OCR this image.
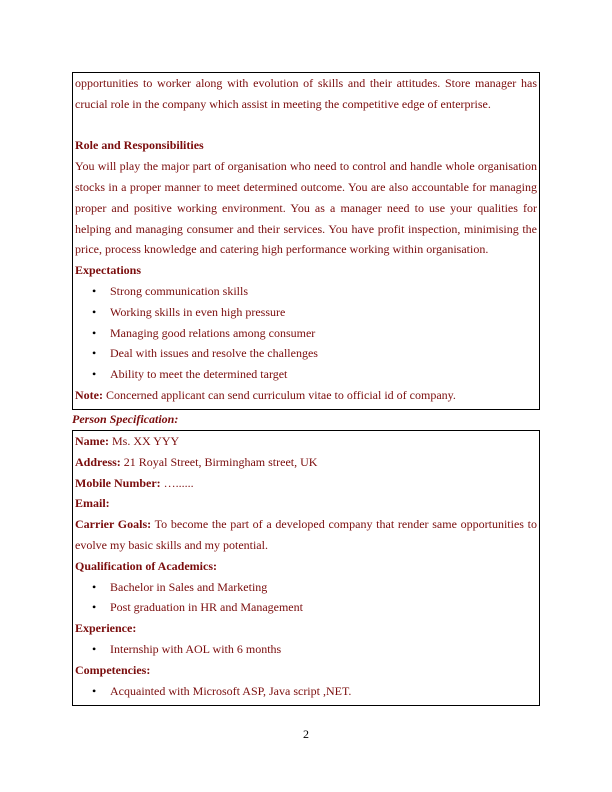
opportunities to worker along with evolution of skills and their attitudes. Store manager has crucial role in the company which assist in meeting the competitive edge of enterprise.

Role and Responsibilities

You will play the major part of organisation who need to control and handle whole organisation stocks in a proper manner to meet determined outcome. You are also accountable for managing proper and positive working environment. You as a manager need to use your qualities for helping and managing consumer and their services. You have profit inspection, minimising the price, process knowledge and catering high performance working within organisation.

Expectations

• Strong communication skills
• Working skills in even high pressure
• Managing good relations among consumer
• Deal with issues and resolve the challenges
• Ability to meet the determined target

Note: Concerned applicant can send curriculum vitae to official id of company.

Person Specification:

Name: Ms. XX YYY

Address: 21 Royal Street, Birmingham street, UK

Mobile Number: …......

Email:

Carrier Goals: To become the part of a developed company that render same opportunities to evolve my basic skills and my potential.

Qualification of Academics:

• Bachelor in Sales and Marketing
• Post graduation in HR and Management

Experience:

• Internship with AOL with 6 months

Competencies:

• Acquainted with Microsoft ASP, Java script ,NET.
2
